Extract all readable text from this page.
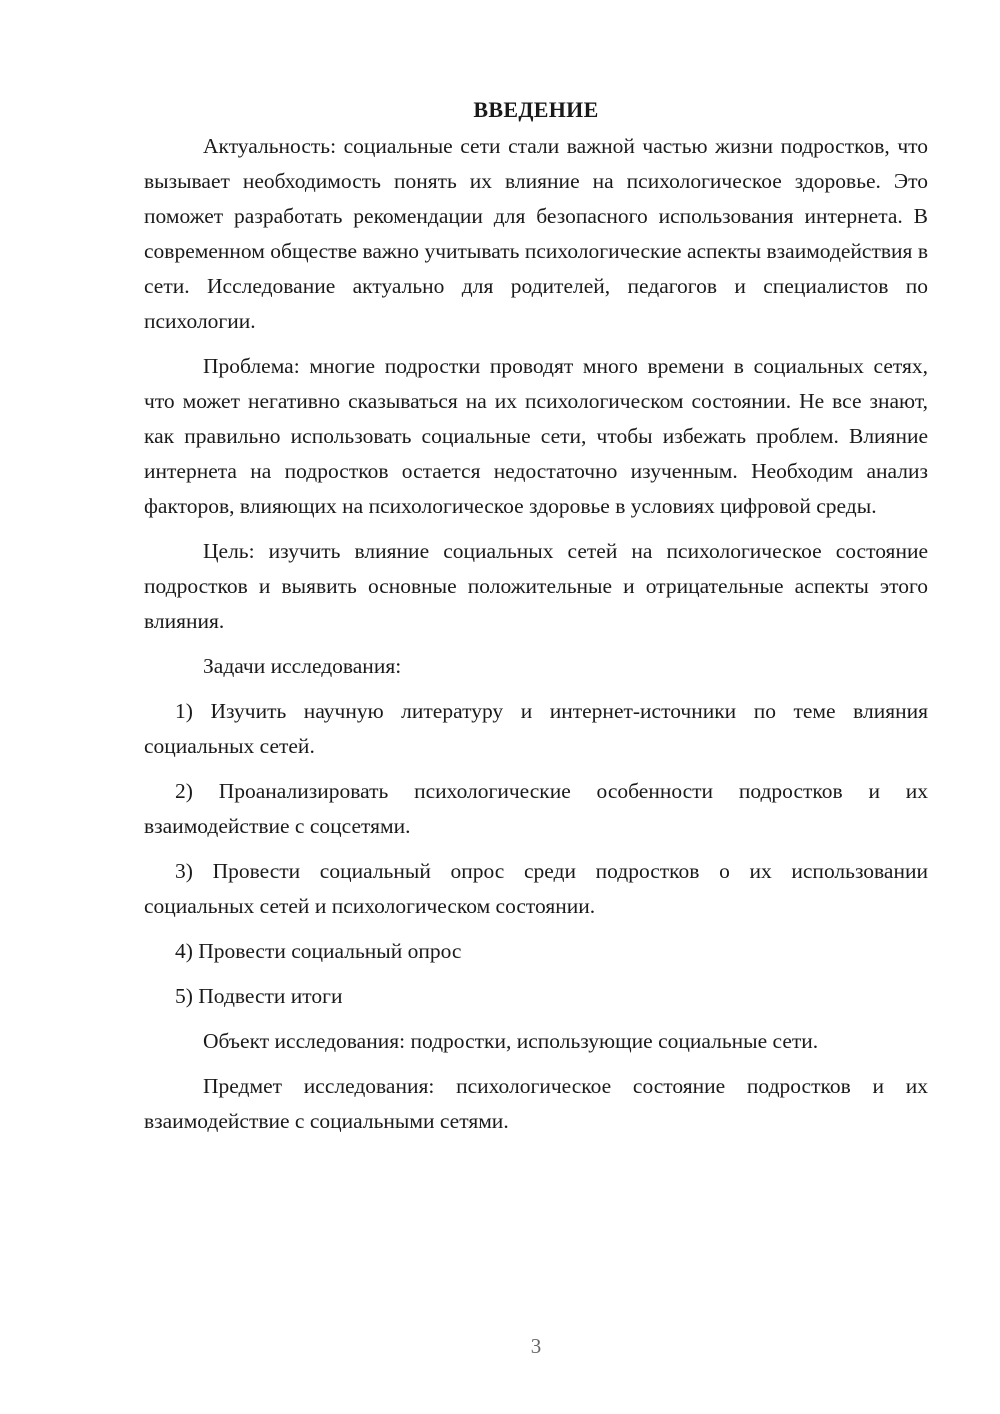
ВВЕДЕНИЕ

Актуальность: социальные сети стали важной частью жизни подростков, что вызывает необходимость понять их влияние на психологическое здоровье. Это поможет разработать рекомендации для безопасного использования интернета. В современном обществе важно учитывать психологические аспекты взаимодействия в сети. Исследование актуально для родителей, педагогов и специалистов по психологии.

Проблема: многие подростки проводят много времени в социальных сетях, что может негативно сказываться на их психологическом состоянии. Не все знают, как правильно использовать социальные сети, чтобы избежать проблем. Влияние интернета на подростков остается недостаточно изученным. Необходим анализ факторов, влияющих на психологическое здоровье в условиях цифровой среды.

Цель: изучить влияние социальных сетей на психологическое состояние подростков и выявить основные положительные и отрицательные аспекты этого влияния.

Задачи исследования:

1) Изучить научную литературу и интернет-источники по теме влияния социальных сетей.

2) Проанализировать психологические особенности подростков и их взаимодействие с соцсетями.

3) Провести социальный опрос среди подростков о их использовании социальных сетей и психологическом состоянии.

4) Провести социальный опрос

5) Подвести итоги

Объект исследования: подростки, использующие социальные сети.

Предмет исследования: психологическое состояние подростков и их взаимодействие с социальными сетями.

3
